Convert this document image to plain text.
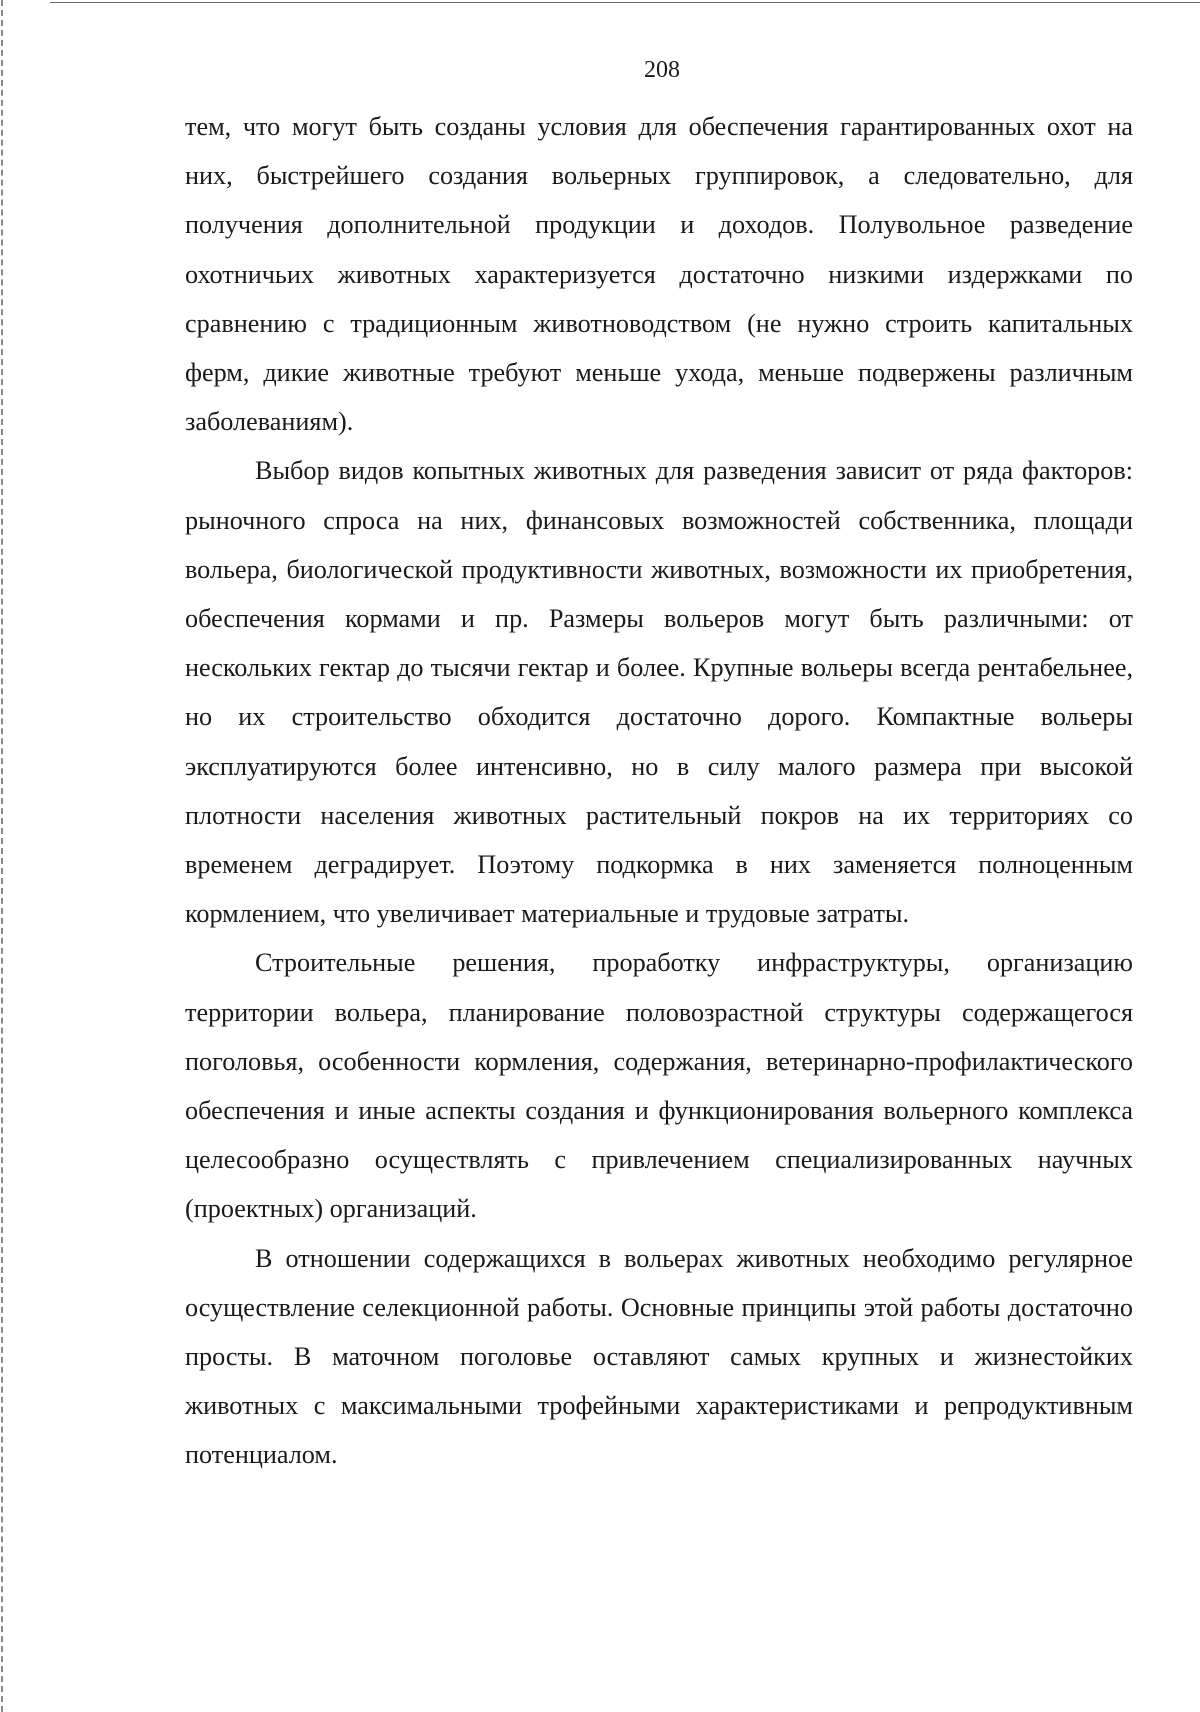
208

тем, что могут быть созданы условия для обеспечения гарантированных охот на них, быстрейшего создания вольерных группировок, а следовательно, для получения дополнительной продукции и доходов. Полувольное разведение охотничьих животных характеризуется достаточно низкими издержками по сравнению с традиционным животноводством (не нужно строить капитальных ферм, дикие животные требуют меньше ухода, меньше подвержены различным заболеваниям).

Выбор видов копытных животных для разведения зависит от ряда факторов: рыночного спроса на них, финансовых возможностей собственника, площади вольера, биологической продуктивности животных, возможности их приобретения, обеспечения кормами и пр. Размеры вольеров могут быть различными: от нескольких гектар до тысячи гектар и более. Крупные вольеры всегда рентабельнее, но их строительство обходится достаточно дорого. Компактные вольеры эксплуатируются более интенсивно, но в силу малого размера при высокой плотности населения животных растительный покров на их территориях со временем деградирует. Поэтому подкормка в них заменяется полноценным кормлением, что увеличивает материальные и трудовые затраты.

Строительные решения, проработку инфраструктуры, организацию территории вольера, планирование половозрастной структуры содержащегося поголовья, особенности кормления, содержания, ветеринарно-профилактического обеспечения и иные аспекты создания и функционирования вольерного комплекса целесообразно осуществлять с привлечением специализированных научных (проектных) организаций.

В отношении содержащихся в вольерах животных необходимо регулярное осуществление селекционной работы. Основные принципы этой работы достаточно просты. В маточном поголовье оставляют самых крупных и жизнестойких животных с максимальными трофейными характеристиками и репродуктивным потенциалом.
